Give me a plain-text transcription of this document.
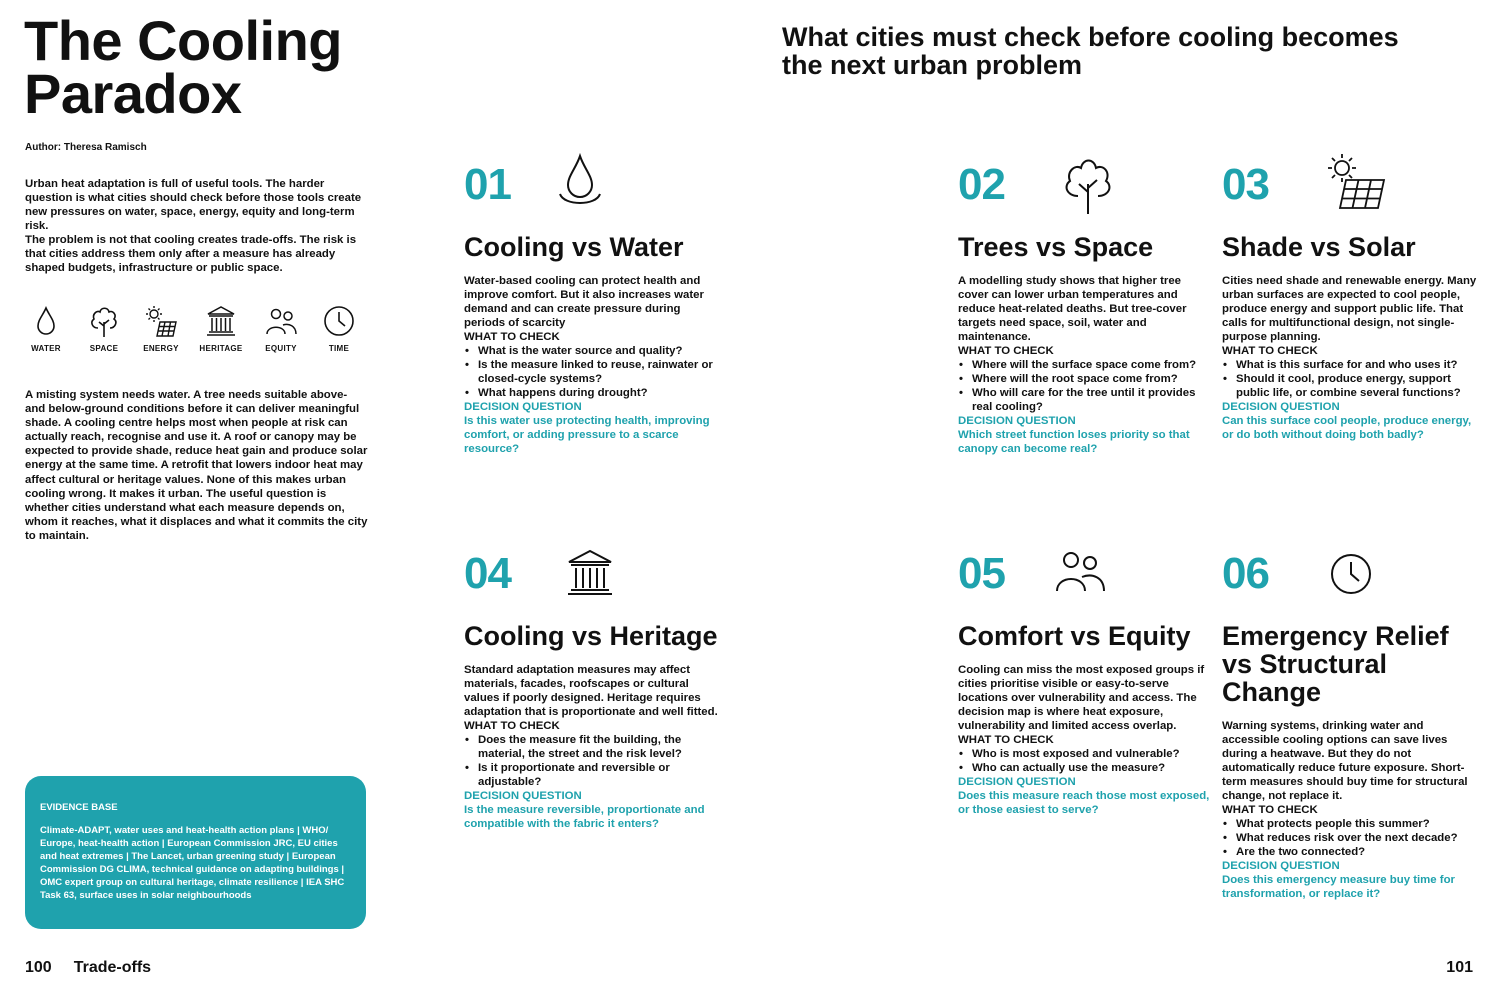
The Cooling Paradox
Author: Theresa Ramisch

Urban heat adaptation is full of useful tools. The harder question is what cities should check before those tools create new pressures on water, space, energy, equity and long-term risk.

The problem is not that cooling creates trade-offs. The risk is that cities address them only after a measure has already shaped budgets, infrastructure or public space.

WATER	SPACE	ENERGY	HERITAGE	EQUITY	TIME
A misting system needs water. A tree needs suitable above- and below-ground conditions before it can deliver meaningful shade. A cooling centre helps most when people at risk can actually reach, recognise and use it. A roof or canopy may be expected to provide shade, reduce heat gain and produce solar energy at the same time. A retrofit that lowers indoor heat may affect cultural or heritage values. None of this makes urban cooling wrong. It makes it urban. The useful question is whether cities understand what each measure depends on, whom it reaches, what it displaces and what it commits the city to maintain.
EVIDENCE BASE
Climate-ADAPT, water uses and heat-health action plans | WHO/ Europe, heat-health action | European Commission JRC, EU cities and heat extremes | The Lancet, urban greening study | European Commission DG CLIMA, technical guidance on adapting buildings | OMC expert group on cultural heritage, climate resilience | IEA SHC Task 63, surface uses in solar neighbourhoods
100 Trade-offs	101
What cities must check before cooling becomes the next urban problem
01
Cooling vs Water

Water-based cooling can protect health and improve comfort. But it also increases water demand and can create pressure during periods of scarcity

WHAT TO CHECK

• What is the water source and quality?
• Is the measure linked to reuse, rainwater or closed-cycle systems?
• What happens during drought?

DECISION QUESTION

Is this water use protecting health, improving comfort, or adding pressure to a scarce resource?

02
Trees vs Space

A modelling study shows that higher tree cover can lower urban temperatures and reduce heat-related deaths. But tree-cover targets need space, soil, water and maintenance.

WHAT TO CHECK

• Where will the surface space come from?
• Where will the root space come from?
• Who will care for the tree until it provides real cooling?

DECISION QUESTION

Which street function loses priority so that canopy can become real?

03
Shade vs Solar

Cities need shade and renewable energy. Many urban surfaces are expected to cool people, produce energy and support public life. That calls for multifunctional design, not single-purpose planning.

WHAT TO CHECK

• What is this surface for and who uses it?
• Should it cool, produce energy, support public life, or combine several functions?

DECISION QUESTION

Can this surface cool people, produce energy, or do both without doing both badly?

04
Cooling vs Heritage

Standard adaptation measures may affect materials, facades, roofscapes or cultural values if poorly designed. Heritage requires adaptation that is proportionate and well fitted.

WHAT TO CHECK

• Does the measure fit the building, the material, the street and the risk level?
• Is it proportionate and reversible or adjustable?

DECISION QUESTION

Is the measure reversible, proportionate and compatible with the fabric it enters?

05
Comfort vs Equity

Cooling can miss the most exposed groups if cities prioritise visible or easy-to-serve locations over vulnerability and access. The decision map is where heat exposure, vulnerability and limited access overlap.

WHAT TO CHECK

• Who is most exposed and vulnerable?
• Who can actually use the measure?

DECISION QUESTION

Does this measure reach those most exposed, or those easiest to serve?

06
Emergency Relief vs Structural Change

Warning systems, drinking water and accessible cooling options can save lives during a heatwave. But they do not automatically reduce future exposure. Short-term measures should buy time for structural change, not replace it.

WHAT TO CHECK

• What protects people this summer?
• What reduces risk over the next decade?
• Are the two connected?

DECISION QUESTION

Does this emergency measure buy time for transformation, or replace it?
